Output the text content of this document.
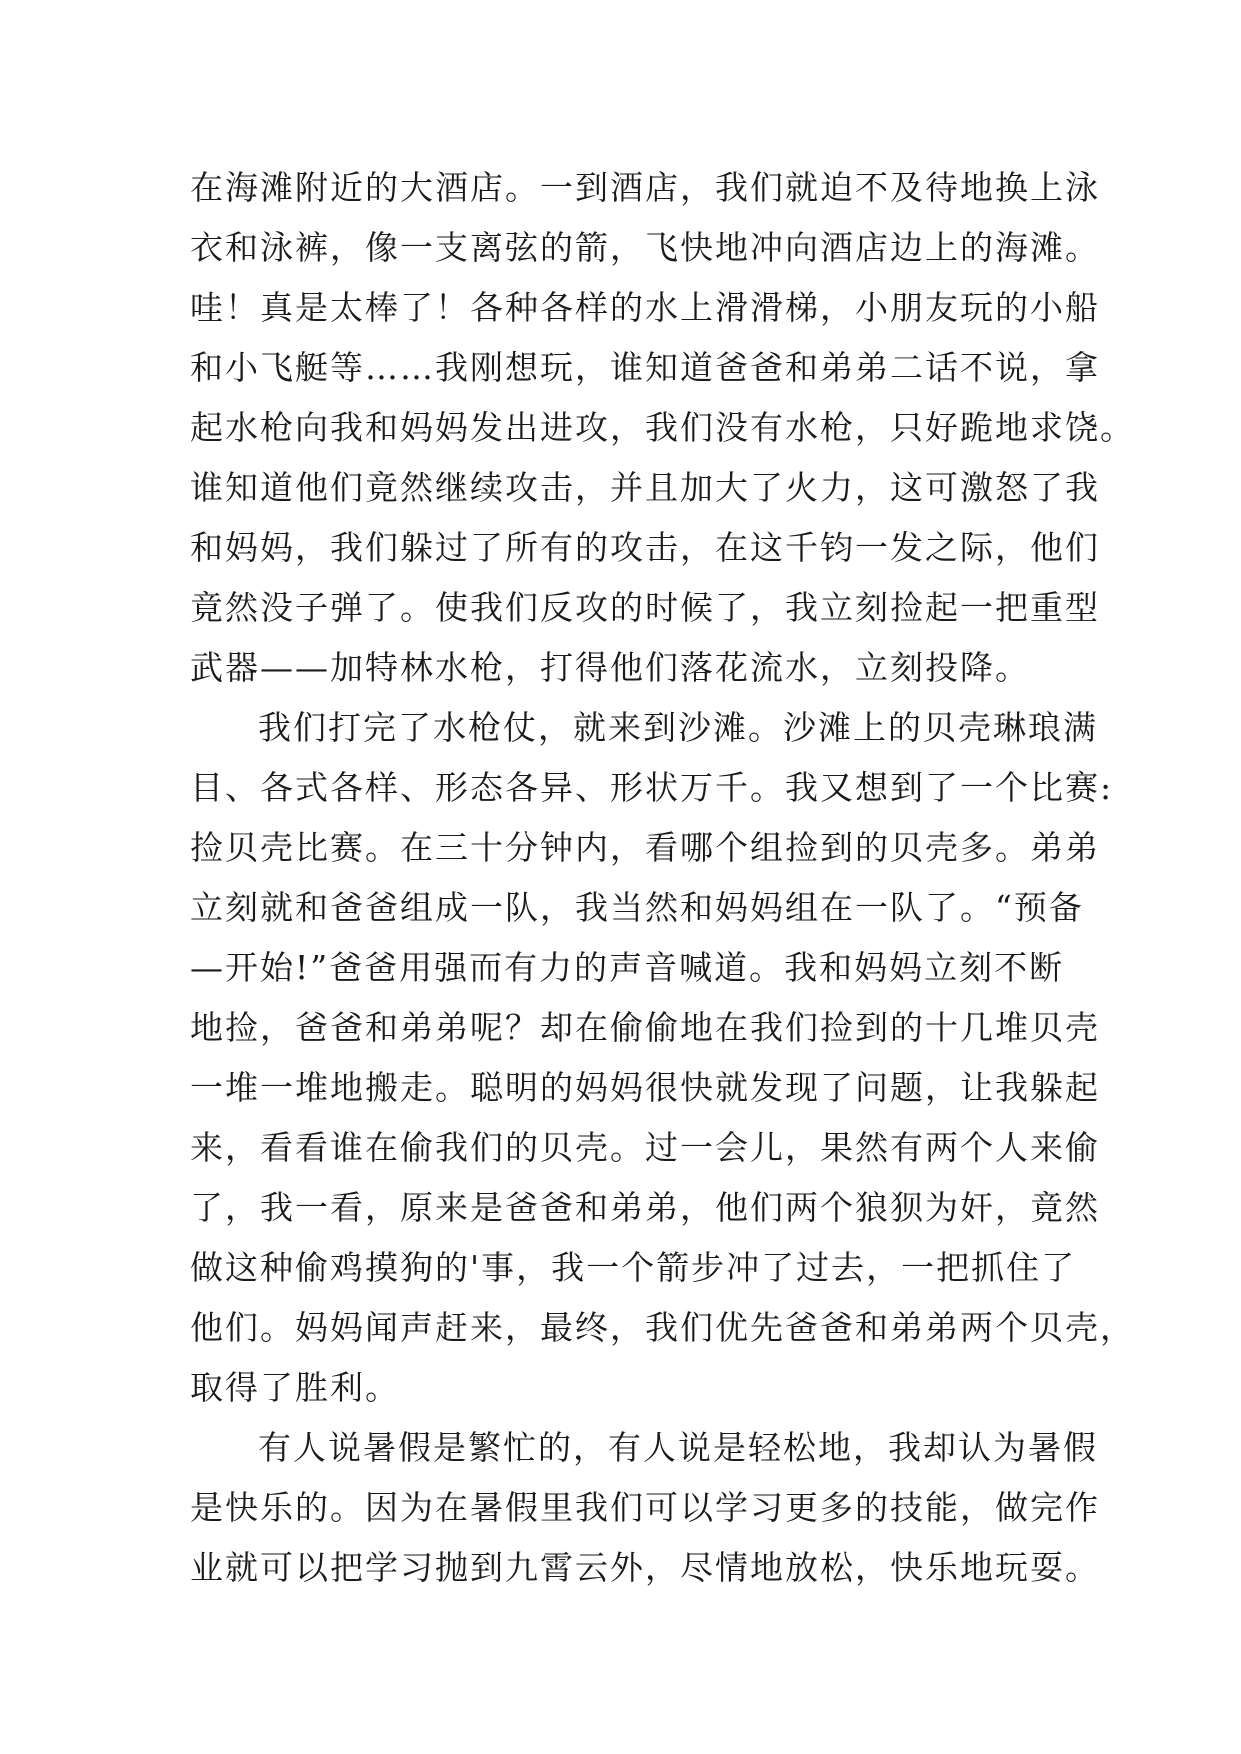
在海滩附近的大酒店。一到酒店，我们就迫不及待地换上泳
衣和泳裤，像一支离弦的箭，飞快地冲向酒店边上的海滩。
哇！真是太棒了！各种各样的水上滑滑梯，小朋友玩的小船
和小飞艇等……我刚想玩，谁知道爸爸和弟弟二话不说，拿
起水枪向我和妈妈发出进攻，我们没有水枪，只好跪地求饶。
谁知道他们竟然继续攻击，并且加大了火力，这可激怒了我
和妈妈，我们躲过了所有的攻击，在这千钧一发之际，他们
竟然没子弹了。使我们反攻的时候了，我立刻捡起一把重型
武器——加特林水枪，打得他们落花流水，立刻投降。
我们打完了水枪仗，就来到沙滩。沙滩上的贝壳琳琅满
目、各式各样、形态各异、形状万千。我又想到了一个比赛:
捡贝壳比赛。在三十分钟内，看哪个组捡到的贝壳多。弟弟
立刻就和爸爸组成一队，我当然和妈妈组在一队了。“预备
—开始!”爸爸用强而有力的声音喊道。我和妈妈立刻不断
地捡，爸爸和弟弟呢？却在偷偷地在我们捡到的十几堆贝壳
一堆一堆地搬走。聪明的妈妈很快就发现了问题，让我躲起
来，看看谁在偷我们的贝壳。过一会儿，果然有两个人来偷
了，我一看，原来是爸爸和弟弟，他们两个狼狈为奸，竟然
做这种偷鸡摸狗的'事，我一个箭步冲了过去，一把抓住了
他们。妈妈闻声赶来，最终，我们优先爸爸和弟弟两个贝壳，
取得了胜利。
有人说暑假是繁忙的，有人说是轻松地，我却认为暑假
是快乐的。因为在暑假里我们可以学习更多的技能，做完作
业就可以把学习抛到九霄云外，尽情地放松，快乐地玩耍。
